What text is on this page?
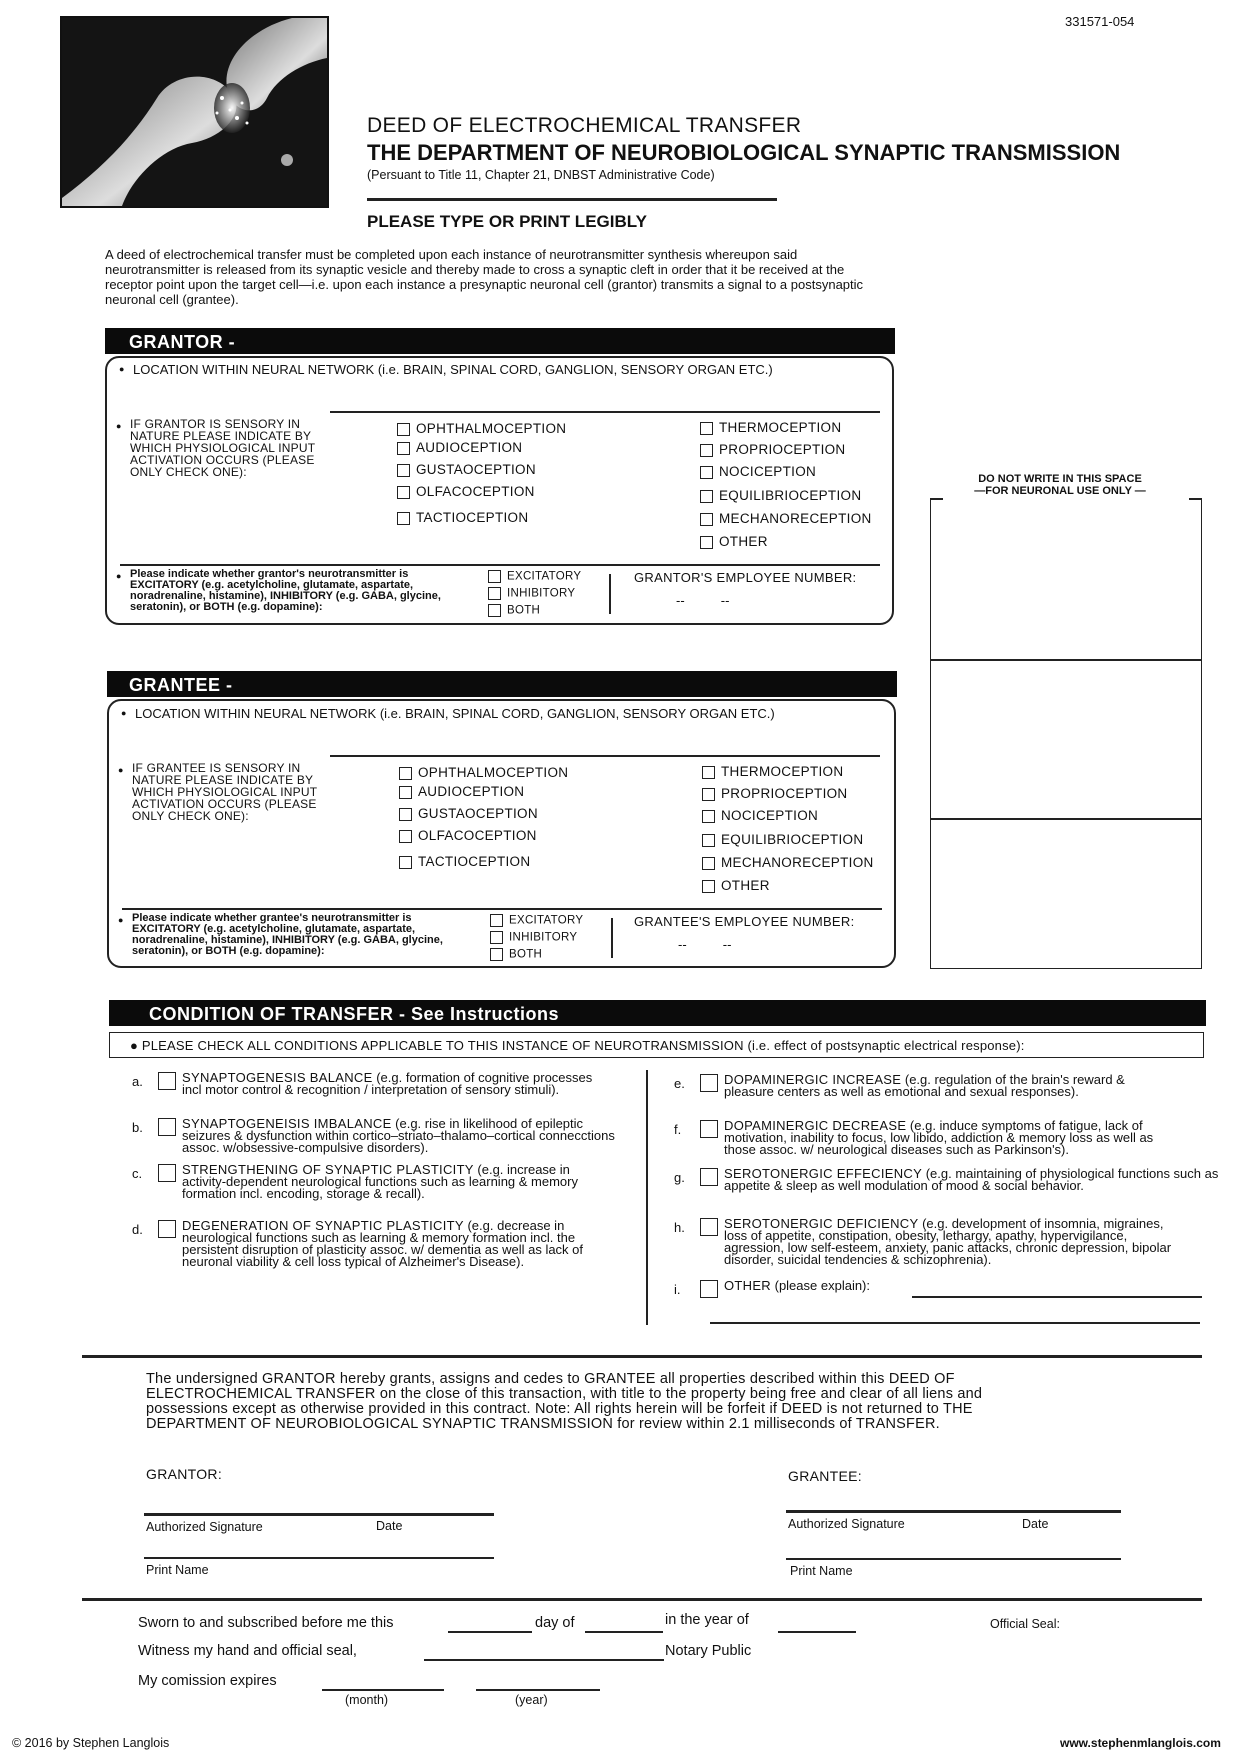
331571-054
DEED OF ELECTROCHEMICAL TRANSFER
THE DEPARTMENT OF NEUROBIOLOGICAL SYNAPTIC TRANSMISSION
(Persuant to Title 11, Chapter 21, DNBST Administrative Code)
PLEASE TYPE OR PRINT LEGIBLY
A deed of electrochemical transfer must be completed upon each instance of neurotransmitter synthesis whereupon said neurotransmitter is released from its synaptic vesicle and thereby made to cross a synaptic cleft in order that it be received at the receptor point upon the target cell—i.e. upon each instance a presynaptic neuronal cell (grantor) transmits a signal to a postsynaptic neuronal cell (grantee).
DO NOT WRITE IN THIS SPACE
—FOR NEURONAL USE ONLY —
GRANTOR -
● LOCATION WITHIN NEURAL NETWORK (i.e. BRAIN, SPINAL CORD, GANGLION, SENSORY ORGAN ETC.)
● IF GRANTOR IS SENSORY IN NATURE PLEASE INDICATE BY WHICH PHYSIOLOGICAL INPUT ACTIVATION OCCURS (PLEASE ONLY CHECK ONE):
OPHTHALMOCEPTION
AUDIOCEPTION
GUSTAOCEPTION
OLFACOCEPTION
TACTIOCEPTION
THERMOCEPTION
PROPRIOCEPTION
NOCICEPTION
EQUILIBRIOCEPTION
MECHANORECEPTION
OTHER
● Please indicate whether grantor's neurotransmitter is EXCITATORY (e.g. acetylcholine, glutamate, aspartate, noradrenaline, histamine), INHIBITORY (e.g. GABA, glycine, seratonin), or BOTH (e.g. dopamine):
EXCITATORY
INHIBITORY
BOTH
GRANTOR'S EMPLOYEE NUMBER:
--          --
GRANTEE -
● LOCATION WITHIN NEURAL NETWORK (i.e. BRAIN, SPINAL CORD, GANGLION, SENSORY ORGAN ETC.)
● IF GRANTEE IS SENSORY IN NATURE PLEASE INDICATE BY WHICH PHYSIOLOGICAL INPUT ACTIVATION OCCURS (PLEASE ONLY CHECK ONE):
OPHTHALMOCEPTION
AUDIOCEPTION
GUSTAOCEPTION
OLFACOCEPTION
TACTIOCEPTION
THERMOCEPTION
PROPRIOCEPTION
NOCICEPTION
EQUILIBRIOCEPTION
MECHANORECEPTION
OTHER
● Please indicate whether grantee's neurotransmitter is EXCITATORY (e.g. acetylcholine, glutamate, aspartate, noradrenaline, histamine), INHIBITORY (e.g. GABA, glycine, seratonin), or BOTH (e.g. dopamine):
EXCITATORY
INHIBITORY
BOTH
GRANTEE'S EMPLOYEE NUMBER:
--          --
CONDITION OF TRANSFER - See Instructions
● PLEASE CHECK ALL CONDITIONS APPLICABLE TO THIS INSTANCE OF NEUROTRANSMISSION (i.e. effect of postsynaptic electrical response):
a.	SYNAPTOGENESIS BALANCE (e.g. formation of cognitive processes incl motor control & recognition / interpretation of sensory stimuli).
b.	SYNAPTOGENEISIS IMBALANCE (e.g. rise in likelihood of epileptic seizures & dysfunction within cortico–striato–thalamo–cortical connecctions assoc. w/obsessive-compulsive disorders).
c.	STRENGTHENING OF SYNAPTIC PLASTICITY (e.g. increase in activity-dependent neurological functions such as learning & memory formation incl. encoding, storage & recall).
d.	DEGENERATION OF SYNAPTIC PLASTICITY (e.g. decrease in neurological functions such as learning & memory formation incl. the persistent disruption of plasticity assoc. w/ dementia as well as lack of neuronal viability & cell loss typical of Alzheimer's Disease).
e.	DOPAMINERGIC INCREASE (e.g. regulation of the brain's reward & pleasure centers as well as emotional and sexual responses).
f.	DOPAMINERGIC DECREASE (e.g. induce symptoms of fatigue, lack of motivation, inability to focus, low libido, addiction & memory loss as well as those assoc. w/ neurological diseases such as Parkinson's).
g.	SEROTONERGIC EFFECIENCY (e.g. maintaining of physiological functions such as appetite & sleep as well modulation of mood & social behavior.
h.	SEROTONERGIC DEFICIENCY (e.g. development of insomnia, migraines, loss of appetite, constipation, obesity, lethargy, apathy, hypervigilance, agression, low self-esteem, anxiety, panic attacks, chronic depression, bipolar disorder, suicidal tendencies & schizophrenia).
i.	OTHER (please explain):
The undersigned GRANTOR hereby grants, assigns and cedes to GRANTEE all properties described within this DEED OF ELECTROCHEMICAL TRANSFER on the close of this transaction, with title to the property being free and clear of all liens and possessions except as otherwise provided in this contract. Note: All rights herein will be forfeit if DEED is not returned to THE DEPARTMENT OF NEUROBIOLOGICAL SYNAPTIC TRANSMISSION for review within 2.1 milliseconds of TRANSFER.
GRANTOR:	GRANTEE:
Authorized Signature	Date
Print Name
Authorized Signature	Date
Print Name
Sworn to and subscribed before me this	day of	in the year of	Official Seal:
Witness my hand and official seal,	Notary Public
My comission expires
(month)	(year)
© 2016 by Stephen Langlois	www.stephenmlanglois.com
